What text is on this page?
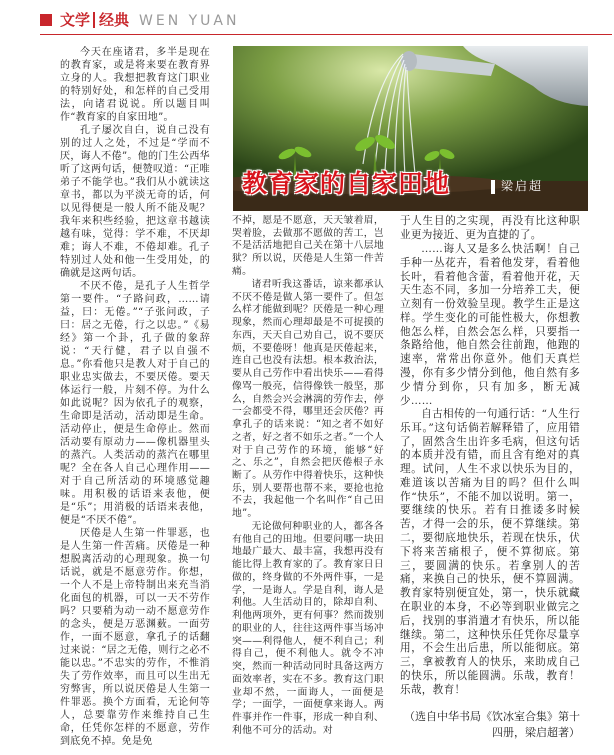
文学 经典 WEN YUAN

今天在座诸君，多半是现在的教育家，或是将来要在教育界立身的人。我想把教育这门职业的特别好处，和怎样的自己受用法，向诸君说说。所以题目叫作“教育家的自家田地”。

孔子屡次自白，说自己没有别的过人之处，不过是“学而不厌，诲人不倦”。他的门生公西华听了这两句话，便赞叹道：“正唯弟子不能学也。”我们从小就读这章书，都以为平淡无奇的话，何以见得便是一般人所不能及呢？我年来积些经验，把这章书越读越有味，觉得：学不难，不厌却难；诲人不难，不倦却难。孔子特别过人处和他一生受用处，的确就是这两句话。

不厌不倦，是孔子人生哲学第一要件。“子路问政，……请益，曰：无倦。”“子张问政，子曰：居之无倦，行之以忠。”《易经》第一个卦，孔子做的象辞说：“天行健，君子以自强不息。”你看他只是教人对于自己的职业忠实做去，不要厌倦。要天体运行一般，片刻不停。为什么如此说呢？因为依孔子的观察，生命即是活动，活动即是生命。活动停止，便是生命停止。然而活动要有原动力——像机器里头的蒸汽。人类活动的蒸汽在哪里呢？全在各人自己心理作用——对于自己所活动的环境感觉趣味。用积极的话语来表他，便是“乐”；用消极的话语来表他，便是“不厌不倦”。

厌倦是人生第一件罪恶，也是人生第一件苦痛。厌倦是一种想脱离活动的心理现象。换一句话说，就是不愿意劳作。你想，一个人不是上帝特制出来充当消化面包的机器，可以一天不劳作吗？只要稍为动一动不愿意劳作的念头，便是万恶渊薮。一面劳作，一面不愿意，拿孔子的话翻过来说：“居之无倦，则行之必不能以忠。”不忠实的劳作，不惟消失了劳作效率，而且可以生出无穷弊害，所以说厌倦是人生第一件罪恶。换个方面看，无论何等人，总要靠劳作来维持自己生命，任凭你怎样的不愿意，劳作到底免不掉。免是免

教育家的自家田地	梁启超

不掉，愿是不愿意，天天皱着眉，哭着脸，去做那不愿做的苦工，岂不是活活地把自己关在第十八层地狱？所以说，厌倦是人生第一件苦痛。

诸君听我这番话，谅来都承认不厌不倦是做人第一要件了。但怎么样才能做到呢？厌倦是一种心理现象，然而心理却最是不可捉摸的东西，天天自己劝自己，说不要厌烦，不要倦呀！他真是厌倦起来，连自己也没有法想。根本救治法，要从自己劳作中看出快乐——看得像骂一般亮，信得像铁一般坚，那么，自然会兴会淋漓的劳作去，停一会都受不得，哪里还会厌倦？再拿孔子的话来说：“知之者不如好之者，好之者不如乐之者。”一个人对于自己劳作的环境，能够“好之、乐之”，自然会把厌倦根子永断了。从劳作中得着快乐，这种快乐，别人要帮也帮不来，要抢也抢不去，我起他一个名叫作“自己田地”。

无论做何种职业的人，都各各有他自己的田地。但要问哪一块田地最广最大、最丰富，我想再没有能比得上教育家的了。教育家日日做的，终身做的不外两件事，一是学，一是诲人。学是自利，诲人是利他。人生活动目的，除却自利、利他两项外，更有何事？然而拨别的职业的人，往往这两件事当场冲突——利得他人，便不利自己；利得自己，便不利他人。就令不冲突，然而一种活动同时具备这两方面效率者，实在不多。教育这门职业却不然，一面诲人，一面便是学；一面学，一面便拿来诲人。两件事并作一件事，形成一种自利、利他不可分的活动。对

于人生目的之实现，再没有比这种职业更为接近、更为直捷的了。

……诲人又是多么快活啊！自己手种一丛花卉，看着他发芽，看着他长叶，看着他含蕾，看着他开花，天天生态不同，多加一分培养工夫，便立刻有一份效验呈现。教学生正是这样。学生变化的可能性极大，你想教他怎么样，自然会怎么样，只要指一条路给他，他自然会往前跑，他跑的速率，常常出你意外。他们天真烂漫，你有多少情分到他，他自然有多少情分到你，只有加多，断无减少……

自古相传的一句通行话：“人生行乐耳。”这句话倘若解释错了，应用错了，固然含生出许多毛病，但这句话的本质并没有错，而且含有绝对的真理。试问，人生不求以快乐为目的，难道该以苦痛为目的吗？但什么叫作“快乐”，不能不加以说明。第一，要继续的快乐。若有日推诿多时候苦，才得一会的乐，便不算继续。第二，要彻底地快乐，若现在快乐，伏下将来苦痛根子，便不算彻底。第三，要圆满的快乐。若拿别人的苦痛，来换自己的快乐，便不算圆满。教育家特别便宜处，第一，快乐就藏在职业的本身，不必等到职业做完之后，找别的事消遣才有快乐，所以能继续。第二，这种快乐任凭你尽量享用，不会生出后患，所以能彻底。第三，拿被教育人的快乐，来助成自己的快乐，所以能圆满。乐哉，教育！乐哉，教育！

（选自中华书局《饮冰室合集》第十四册，梁启超著）
